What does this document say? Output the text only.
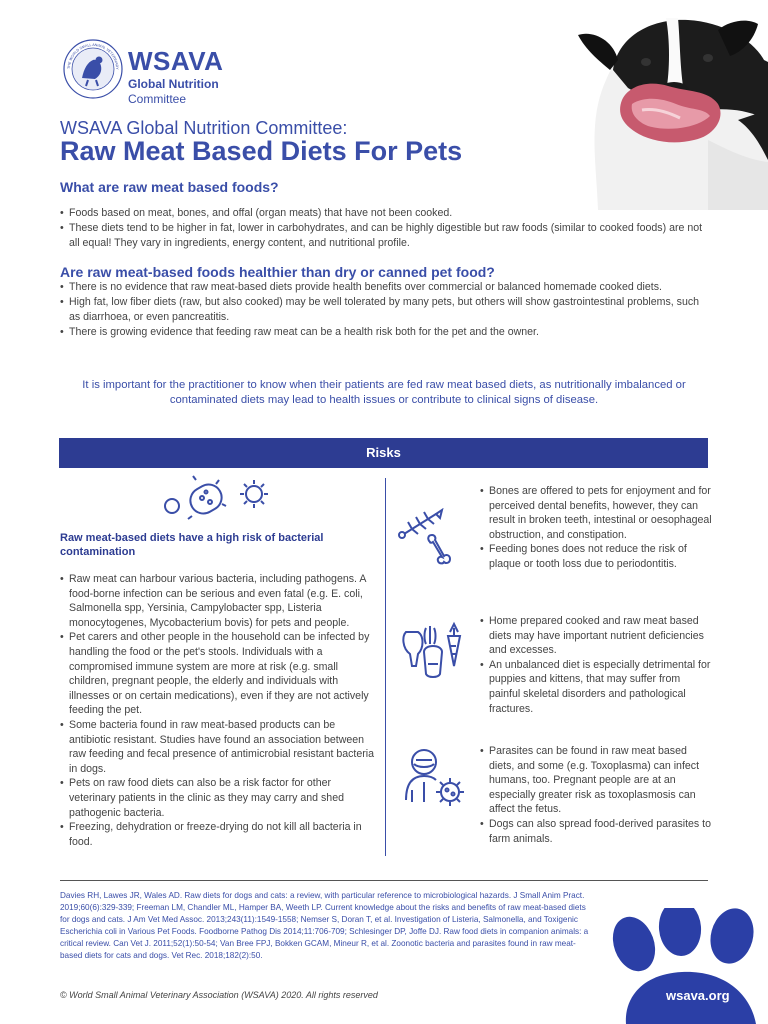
THE WORLD SMALL ANIMAL VETERINARY WSAVA
Global Nutrition
Committee
WSAVA Global Nutrition Committee:
Raw Meat Based Diets For Pets
What are raw meat based foods?
• Foods based on meat, bones, and offal (organ meats) that have not been cooked.
• These diets tend to be higher in fat, lower in carbohydrates, and can be highly digestible but raw foods (similar to cooked foods) are not all equal! They vary in ingredients, energy content, and nutritional profile.
Are raw meat-based foods healthier than dry or canned pet food?
• There is no evidence that raw meat-based diets provide health benefits over commercial or balanced homemade cooked diets.
• High fat, low fiber diets (raw, but also cooked) may be well tolerated by many pets, but others will show gastrointestinal problems, such as diarrhoea, or even pancreatitis.
• There is growing evidence that feeding raw meat can be a health risk both for the pet and the owner.
It is important for the practitioner to know when their patients are fed raw meat based diets, as nutritionally imbalanced or contaminated diets may lead to health issues or contribute to clinical signs of disease.
Risks
Raw meat-based diets have a high risk of bacterial contamination
• Raw meat can harbour various bacteria, including pathogens. A food-borne infection can be serious and even fatal (e.g. E. coli, Salmonella spp, Yersinia, Campylobacter spp, Listeria monocytogenes, Mycobacterium bovis) for pets and people.
• Pet carers and other people in the household can be infected by handling the food or the pet's stools. Individuals with a compromised immune system are more at risk (e.g. small children, pregnant people, the elderly and individuals with illnesses or on certain medications), even if they are not actively feeding the pet.
• Some bacteria found in raw meat-based products can be antibiotic resistant. Studies have found an association between raw feeding and fecal presence of antimicrobial resistant bacteria in dogs.
• Pets on raw food diets can also be a risk factor for other veterinary patients in the clinic as they may carry and shed pathogenic bacteria.
• Freezing, dehydration or freeze-drying do not kill all bacteria in food.
• Bones are offered to pets for enjoyment and for perceived dental benefits, however, they can result in broken teeth, intestinal or oesophageal obstruction, and constipation.
• Feeding bones does not reduce the risk of plaque or tooth loss due to periodontitis.
• Home prepared cooked and raw meat based diets may have important nutrient deficiencies and excesses.
• An unbalanced diet is especially detrimental for puppies and kittens, that may suffer from painful skeletal disorders and pathological fractures.
• Parasites can be found in raw meat based diets, and some (e.g. Toxoplasma) can infect humans, too. Pregnant people are at an especially greater risk as toxoplasmosis can affect the fetus.
• Dogs can also spread food-derived parasites to farm animals.
Davies RH, Lawes JR, Wales AD. Raw diets for dogs and cats: a review, with particular reference to microbiological hazards. J Small Anim Pract. 2019;60(6):329-339; Freeman LM, Chandler ML, Hamper BA, Weeth LP. Current knowledge about the risks and benefits of raw meat-based diets for dogs and cats. J Am Vet Med Assoc. 2013;243(11):1549-1558; Nemser S, Doran T, et al. Investigation of Listeria, Salmonella, and Toxigenic Escherichia coli in Various Pet Foods. Foodborne Pathog Dis 2014;11:706-709; Schlesinger DP, Joffe DJ. Raw food diets in companion animals: a critical review. Can Vet J. 2011;52(1):50-54; Van Bree FPJ, Bokken GCAM, Mineur R, et al. Zoonotic bacteria and parasites found in raw meat-based diets for cats and dogs. Vet Rec. 2018;182(2):50.
© World Small Animal Veterinary Association (WSAVA) 2020. All rights reserved	wsava.org
